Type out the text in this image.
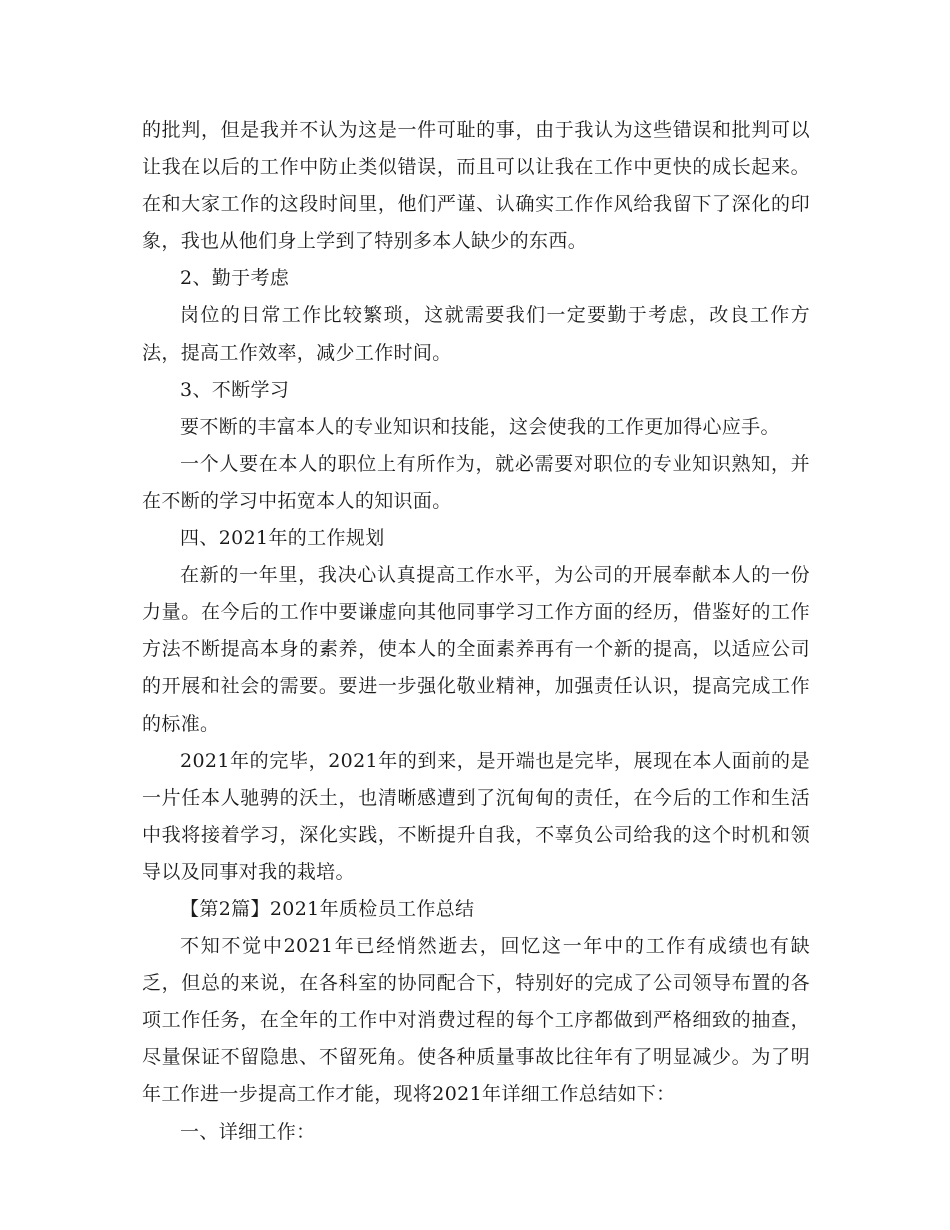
的批判，但是我并不认为这是一件可耻的事，由于我认为这些错误和批判可以让我在以后的工作中防止类似错误，而且可以让我在工作中更快的成长起来。在和大家工作的这段时间里，他们严谨、认确实工作作风给我留下了深化的印象，我也从他们身上学到了特别多本人缺少的东西。

2、勤于考虑

岗位的日常工作比较繁琐，这就需要我们一定要勤于考虑，改良工作方法，提高工作效率，减少工作时间。

3、不断学习

要不断的丰富本人的专业知识和技能，这会使我的工作更加得心应手。

一个人要在本人的职位上有所作为，就必需要对职位的专业知识熟知，并在不断的学习中拓宽本人的知识面。

四、2021年的工作规划

在新的一年里，我决心认真提高工作水平，为公司的开展奉献本人的一份力量。在今后的工作中要谦虚向其他同事学习工作方面的经历，借鉴好的工作方法不断提高本身的素养，使本人的全面素养再有一个新的提高，以适应公司的开展和社会的需要。要进一步强化敬业精神，加强责任认识，提高完成工作的标准。

2021年的完毕，2021年的到来，是开端也是完毕，展现在本人面前的是一片任本人驰骋的沃土，也清晰感遭到了沉甸甸的责任，在今后的工作和生活中我将接着学习，深化实践，不断提升自我，不辜负公司给我的这个时机和领导以及同事对我的栽培。

【第2篇】2021年质检员工作总结

不知不觉中2021年已经悄然逝去，回忆这一年中的工作有成绩也有缺乏，但总的来说，在各科室的协同配合下，特别好的完成了公司领导布置的各项工作任务，在全年的工作中对消费过程的每个工序都做到严格细致的抽查，尽量保证不留隐患、不留死角。使各种质量事故比往年有了明显减少。为了明年工作进一步提高工作才能，现将2021年详细工作总结如下：

一、详细工作：
